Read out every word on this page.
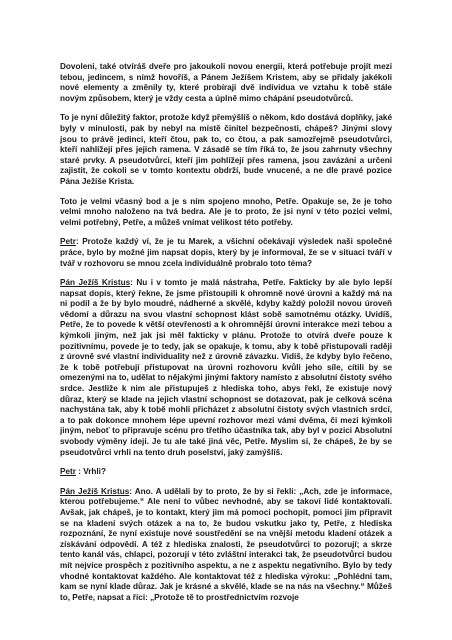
Dovoleni, také otvíráš dveře pro jakoukoli novou energii, která potřebuje projít mezi tebou, jedincem, s nímž hovoříš, a Pánem Ježíšem Kristem, aby se přidaly jakékoli nové elementy a změnily ty, které probíraji dvě individua ve vztahu k tobě stále novým způsobem, který je vždy cesta a úplně mimo chápání pseudotvůrců.

To je nyní důležitý faktor, protože když přemýšlíš o někom, kdo dostává doplňky, jaké byly v minulosti, pak by nebyl na místě činitel bezpečnosti, chápeš? Jinými slovy jsou to právě jedinci, kteří čtou, pak to, co čtou, a pak samozřejmě pseudotvůrci, kteří nahlížejí přes jejich ramena. V zásadě se tím říká to, že jsou zahrnuty všechny staré prvky. A pseudotvůrci, kteří jim pohlížejí přes ramena, jsou zavázáni a určeni zajistit, že cokoli se v tomto kontextu obdrží, bude vnucené, a ne dle pravé pozice Pána Ježíše Krista.

Toto je velmi včasný bod a je s ním spojeno mnoho, Petře. Opakuje se, že je toho velmi mnoho naloženo na tvá bedra. Ale je to proto, že jsi nyní v této pozici velmi, velmi potřebný, Petře, a můžeš vnímat velikost této potřeby.

Petr: Protože každý ví, že je tu Marek, a všichni očekávají výsledek naši společné práce, bylo by možné jim napsat dopis, který by je informoval, že se v situaci tváří v tvář v rozhovoru se mnou zcela individuálně probralo toto téma?

Pán Ježíš Kristus: Nu i v tomto je malá nástraha, Petře. Fakticky by ale bylo lepší napsat dopis, který řekne, že jsme přistoupili k ohromně nové úrovni a každý má na ni podíl a že by bylo moudré, nádherné a skvělé, kdyby každý položil novou úroveň vědomí a důrazu na svou vlastní schopnost klást sobě samotnému otázky. Uvidíš, Petře, že to povede k větší otevřenosti a k ohromnější úrovni interakce mezi tebou a kýmkoli jiným, než jak jsi měl fakticky v plánu. Protože to otvírá dveře pouze k pozitivnímu, povede je to tedy, jak se opakuje, k tomu, aby k tobě přistupovali raději z úrovně své vlastní individuality než z úrovně závazku. Vidíš, že kdyby bylo řečeno, že k tobě potřebují přistupovat na úrovni rozhovoru kvůli jeho síle, cítili by se omezenými na to, udělat to nějakými jinými faktory namísto z absolutní čistoty svého srdce. Jestliže k nim ale přistupuješ z hlediska toho, abys řekl, že existuje nový důraz, který se klade na jejich vlastní schopnost se dotazovat, pak je celková scéna nachystána tak, aby k tobě mohli přicházet z absolutní čistoty svých vlastních srdcí, a to pak dokonce mnohem lépe upevní rozhovor mezi vámi dvěma, či mezi kýmkoli jiným, neboť to připravuje scénu pro třetího účastníka tak, aby byl v pozici Absolutní svobody výměny ideji. Je tu ale také jiná věc, Petře. Myslim si, že chápeš, že by se pseudotvůrci vrhli na tento druh poselství, jaký zamýšlíš.

Petr : Vrhli?

Pán Ježíš Kristus: Ano. A udělali by to proto, že by si řekli: „Ach, zde je informace, kterou potřebujeme.“ Ale není to vůbec nevhodné, aby se takoví lidé kontaktovali. Avšak, jak chápeš, je to kontakt, který jim má pomoci pochopit, pomoci jim připravit se na kladení svých otázek a na to, že budou vskutku jako ty, Petře, z hlediska rozpoznání, že nyní existuje nové soustředění se na vnější metodu kladení otázek a získávání odpovědí. A též z hlediska znalosti, že pseudotvůrci to pozorují; a skrze tento kanál vás, chlapci, pozorují v této zvláštní interakci tak, že pseudotvůrci budou mít nejvíce prospěch z pozitivního aspektu, a ne z aspektu negativního. Bylo by tedy vhodné kontaktovat každého. Ale kontaktovat též z hlediska výroku: „Pohlédni tam, kam se nyní klade důraz. Jak je krásné a skvělé, klade se na nás na všechny.“ Můžeš to, Petře, napsat a říci: „Protože tě to prostřednictvím rozvoje
